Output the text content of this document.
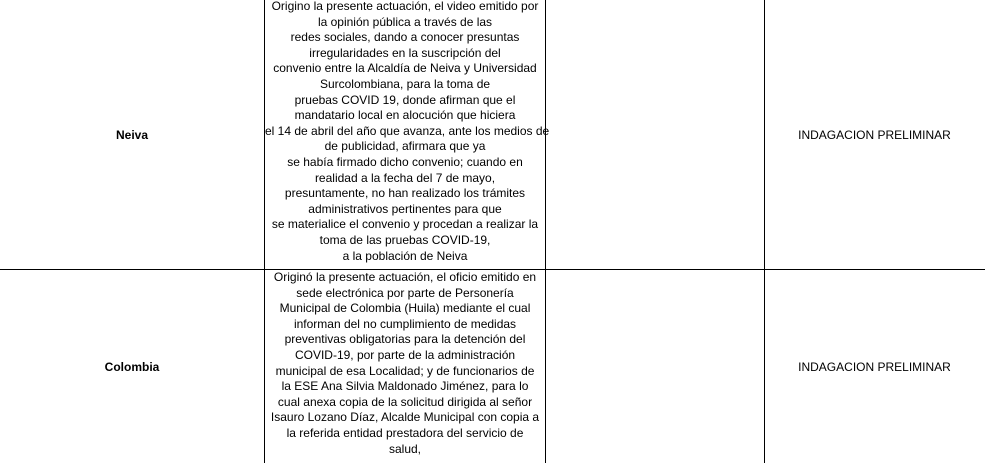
Neiva
Origino la presente actuación, el video emitido por
la opinión pública a través de las
redes sociales, dando a conocer presuntas
irregularidades en la suscripción del
convenio entre la Alcaldía de Neiva y Universidad
Surcolombiana, para la toma de
pruebas COVID 19, donde afirman que el
mandatario local en alocución que hiciera
el 14 de abril del año que avanza, ante los medios de
de publicidad, afirmara que ya
se había firmado dicho convenio; cuando en
realidad a la fecha del 7 de mayo,
presuntamente, no han realizado los trámites
administrativos pertinentes para que
se materialice el convenio y procedan a realizar la
toma de las pruebas COVID-19,
a la población de Neiva
INDAGACION PRELIMINAR
Colombia
Originó la presente actuación, el oficio emitido en
sede electrónica por parte de Personería
Municipal de Colombia (Huila) mediante el cual
informan del no cumplimiento de medidas
preventivas obligatorias para la detención del
COVID-19, por parte de la administración
municipal de esa Localidad; y de funcionarios de
la ESE Ana Silvia Maldonado Jiménez, para lo
cual anexa copia de la solicitud dirigida al señor
Isauro Lozano Díaz, Alcalde Municipal con copia a
la referida entidad prestadora del servicio de
salud,
INDAGACION PRELIMINAR
